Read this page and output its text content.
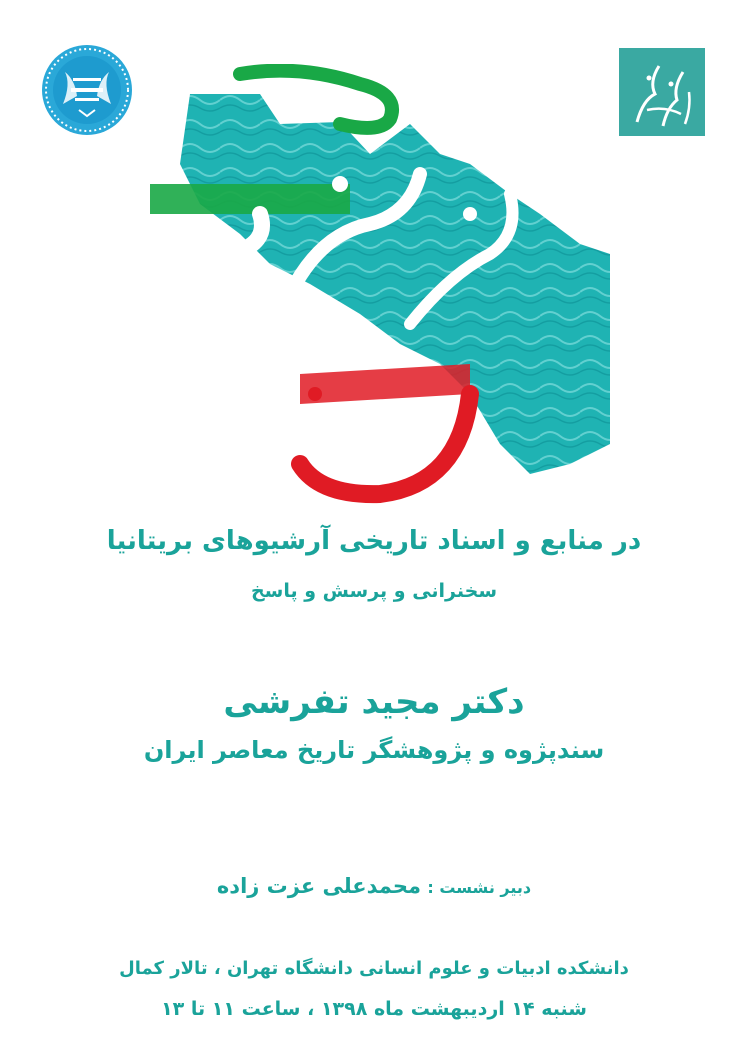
در منابع و اسناد تاریخی آرشیوهای بریتانیا
سخنرانی و پرسش و پاسخ
دکتر مجید تفرشی
سندپژوه و پژوهشگر تاریخ معاصر ایران
دبیر نشست : محمدعلی عزت زاده
دانشکده ادبیات و علوم انسانی دانشگاه تهران ، تالار کمال
شنبه ۱۴ اردیبهشت ماه ۱۳۹۸ ، ساعت ۱۱ تا ۱۳
